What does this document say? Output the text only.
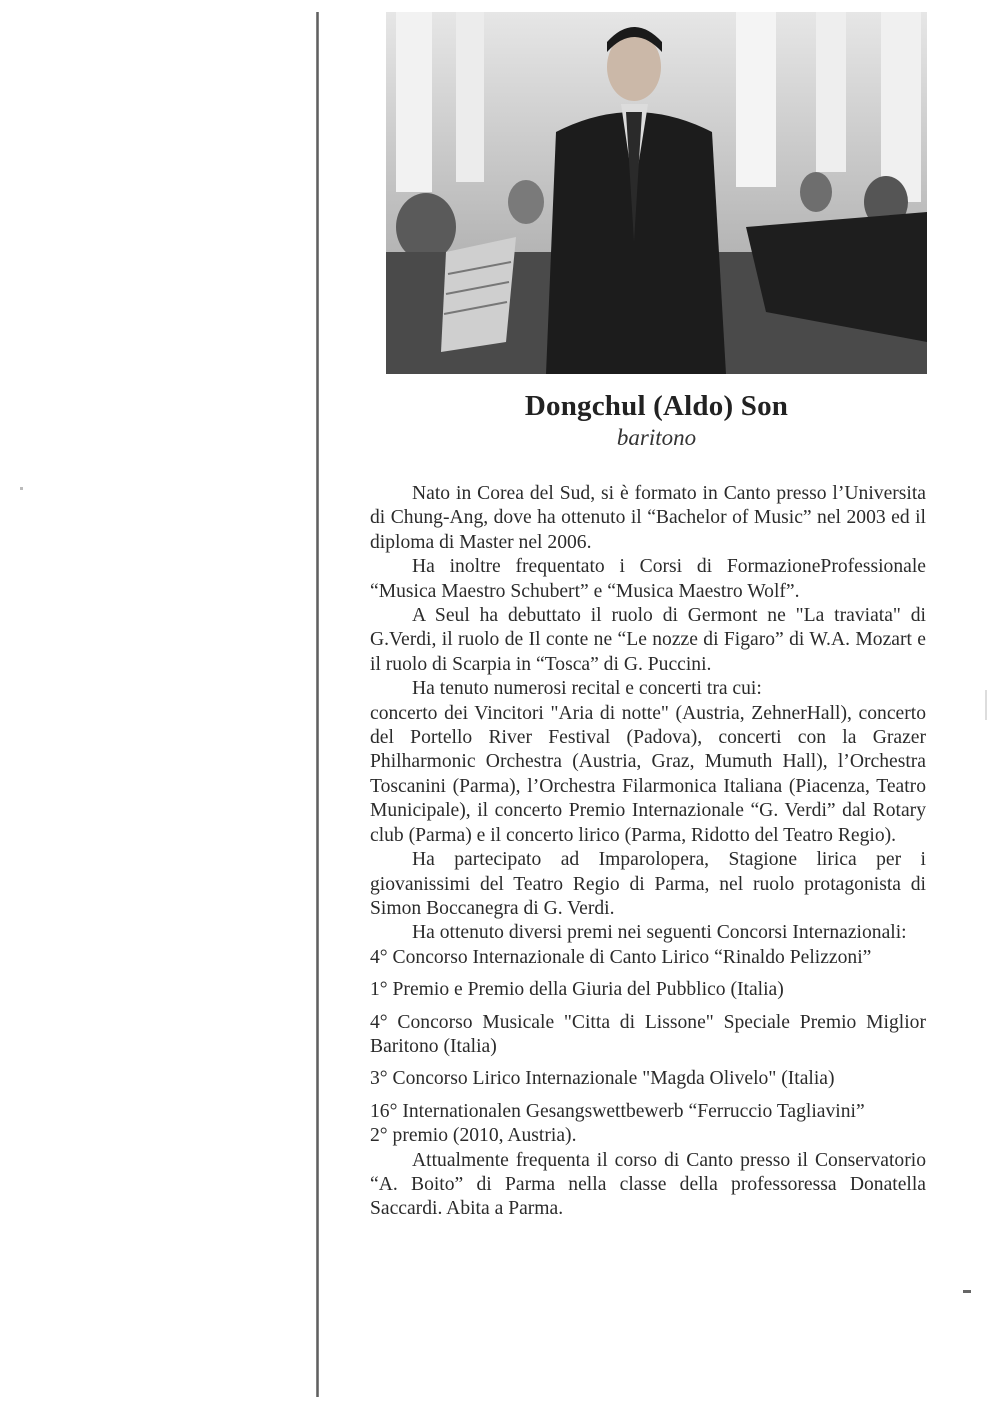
Dongchul (Aldo) Son
baritono

Nato in Corea del Sud, si è formato in Canto presso l’Universita di Chung-Ang, dove ha ottenuto il “Bachelor of Music” nel 2003 ed il diploma di Master nel 2006.

Ha inoltre frequentato i Corsi di FormazioneProfessionale “Musica Maestro Schubert” e “Musica Maestro Wolf”.

A Seul ha debuttato il ruolo di Germont ne "La traviata" di G.Verdi, il ruolo de Il conte ne “Le nozze di Figaro” di W.A. Mozart e il ruolo di Scarpia in “Tosca” di G. Puccini.

Ha tenuto numerosi recital e concerti tra cui:

concerto dei Vincitori "Aria di notte" (Austria, ZehnerHall), concerto del Portello River Festival (Padova), concerti con la Grazer Philharmonic Orchestra (Austria, Graz, Mumuth Hall), l’Orchestra Toscanini (Parma), l’Orchestra Filarmonica Italiana (Piacenza, Teatro Municipale), il concerto Premio Internazionale “G. Verdi” dal Rotary club (Parma) e il concerto lirico (Parma, Ridotto del Teatro Regio).

Ha partecipato ad Imparolopera, Stagione lirica per i giovanissimi del Teatro Regio di Parma, nel ruolo protagonista di Simon Boccanegra di G. Verdi.

Ha ottenuto diversi premi nei seguenti Concorsi Internazionali:

4° Concorso Internazionale di Canto Lirico “Rinaldo Pelizzoni”
1° Premio e Premio della Giuria del Pubblico (Italia)
4° Concorso Musicale "Citta di Lissone" Speciale Premio Miglior Baritono (Italia)
3° Concorso Lirico Internazionale "Magda Olivelo" (Italia)
16° Internationalen Gesangswettbewerb “Ferruccio Tagliavini”
2° premio (2010, Austria).

Attualmente frequenta il corso di Canto presso il Conservatorio “A. Boito” di Parma nella classe della professoressa Donatella Saccardi. Abita a Parma.
